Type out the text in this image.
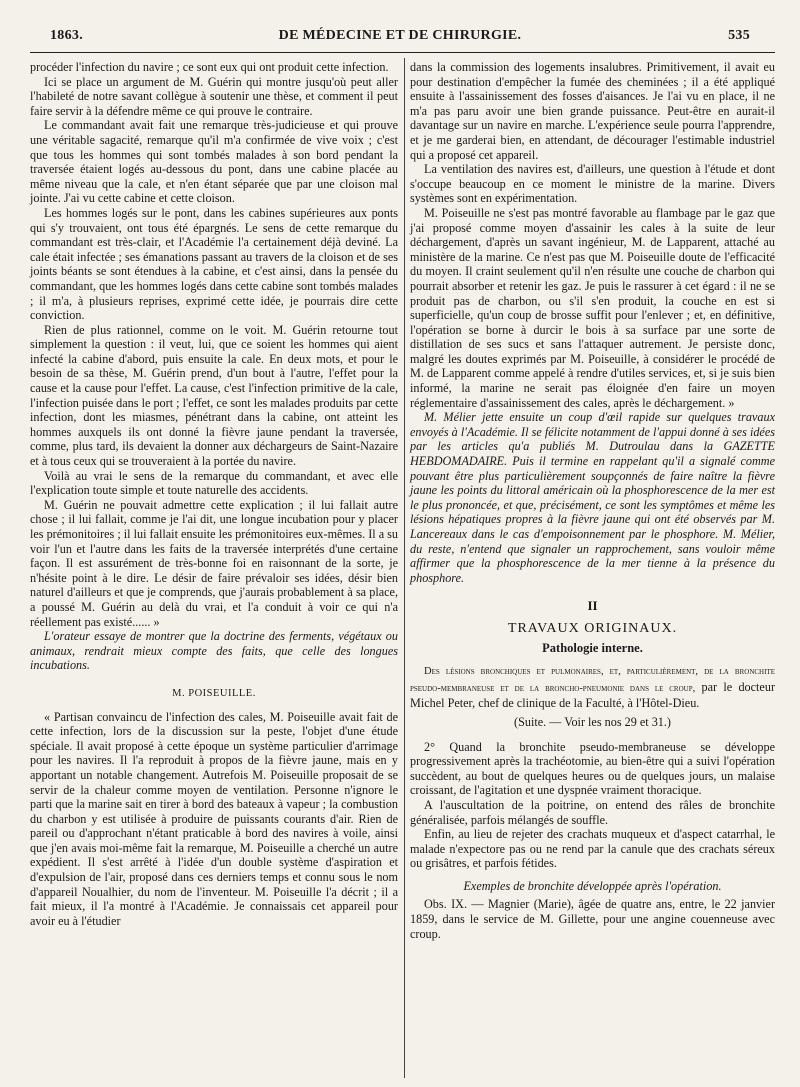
1863.	DE MÉDECINE ET DE CHIRURGIE.	535

procéder l'infection du navire ; ce sont eux qui ont produit cette infection.

Ici se place un argument de M. Guérin qui montre jusqu'où peut aller l'habileté de notre savant collègue à soutenir une thèse, et comment il peut faire servir à la défendre même ce qui prouve le contraire.

Le commandant avait fait une remarque très-judicieuse et qui prouve une véritable sagacité, remarque qu'il m'a confirmée de vive voix ; c'est que tous les hommes qui sont tombés malades à son bord pendant la traversée étaient logés au-dessous du pont, dans une cabine placée au même niveau que la cale, et n'en étant séparée que par une cloison mal jointe. J'ai vu cette cabine et cette cloison.

Les hommes logés sur le pont, dans les cabines supérieures aux ponts qui s'y trouvaient, ont tous été épargnés. Le sens de cette remarque du commandant est très-clair, et l'Académie l'a certainement déjà deviné. La cale était infectée ; ses émanations passant au travers de la cloison et de ses joints béants se sont étendues à la cabine, et c'est ainsi, dans la pensée du commandant, que les hommes logés dans cette cabine sont tombés malades ; il m'a, à plusieurs reprises, exprimé cette idée, je pourrais dire cette conviction.

Rien de plus rationnel, comme on le voit. M. Guérin retourne tout simplement la question : il veut, lui, que ce soient les hommes qui aient infecté la cabine d'abord, puis ensuite la cale. En deux mots, et pour le besoin de sa thèse, M. Guérin prend, d'un bout à l'autre, l'effet pour la cause et la cause pour l'effet. La cause, c'est l'infection primitive de la cale, l'infection puisée dans le port ; l'effet, ce sont les malades produits par cette infection, dont les miasmes, pénétrant dans la cabine, ont atteint les hommes auxquels ils ont donné la fièvre jaune pendant la traversée, comme, plus tard, ils devaient la donner aux déchargeurs de Saint-Nazaire et à tous ceux qui se trouveraient à la portée du navire.

Voilà au vrai le sens de la remarque du commandant, et avec elle l'explication toute simple et toute naturelle des accidents.

M. Guérin ne pouvait admettre cette explication ; il lui fallait autre chose ; il lui fallait, comme je l'ai dit, une longue incubation pour y placer les prémonitoires ; il lui fallait ensuite les prémonitoires eux-mêmes. Il a su voir l'un et l'autre dans les faits de la traversée interprétés d'une certaine façon. Il est assurément de très-bonne foi en raisonnant de la sorte, je n'hésite point à le dire. Le désir de faire prévaloir ses idées, désir bien naturel d'ailleurs et que je comprends, que j'aurais probablement à sa place, a poussé M. Guérin au delà du vrai, et l'a conduit à voir ce qui n'a réellement pas existé...... »

L'orateur essaye de montrer que la doctrine des ferments, végétaux ou animaux, rendrait mieux compte des faits, que celle des longues incubations.

M. POISEUILLE.

« Partisan convaincu de l'infection des cales, M. Poiseuille avait fait de cette infection, lors de la discussion sur la peste, l'objet d'une étude spéciale. Il avait proposé à cette époque un système particulier d'arrimage pour les navires. Il l'a reproduit à propos de la fièvre jaune, mais en y apportant un notable changement. Autrefois M. Poiseuille proposait de se servir de la chaleur comme moyen de ventilation. Personne n'ignore le parti que la marine sait en tirer à bord des bateaux à vapeur ; la combustion du charbon y est utilisée à produire de puissants courants d'air. Rien de pareil ou d'approchant n'étant praticable à bord des navires à voile, ainsi que j'en avais moi-même fait la remarque, M. Poiseuille a cherché un autre expédient. Il s'est arrêté à l'idée d'un double système d'aspiration et d'expulsion de l'air, proposé dans ces derniers temps et connu sous le nom d'appareil Noualhier, du nom de l'inventeur. M. Poiseuille l'a décrit ; il a fait mieux, il l'a montré à l'Académie. Je connaissais cet appareil pour avoir eu à l'étudier

dans la commission des logements insalubres. Primitivement, il avait eu pour destination d'empêcher la fumée des cheminées ; il a été appliqué ensuite à l'assainissement des fosses d'aisances. Je l'ai vu en place, il ne m'a pas paru avoir une bien grande puissance. Peut-être en aurait-il davantage sur un navire en marche. L'expérience seule pourra l'apprendre, et je me garderai bien, en attendant, de décourager l'estimable industriel qui a proposé cet appareil.

La ventilation des navires est, d'ailleurs, une question à l'étude et dont s'occupe beaucoup en ce moment le ministre de la marine. Divers systèmes sont en expérimentation.

M. Poiseuille ne s'est pas montré favorable au flambage par le gaz que j'ai proposé comme moyen d'assainir les cales à la suite de leur déchargement, d'après un savant ingénieur, M. de Lapparent, attaché au ministère de la marine. Ce n'est pas que M. Poiseuille doute de l'efficacité du moyen. Il craint seulement qu'il n'en résulte une couche de charbon qui pourrait absorber et retenir les gaz. Je puis le rassurer à cet égard : il ne se produit pas de charbon, ou s'il s'en produit, la couche en est si superficielle, qu'un coup de brosse suffit pour l'enlever ; et, en définitive, l'opération se borne à durcir le bois à sa surface par une sorte de distillation de ses sucs et sans l'attaquer autrement. Je persiste donc, malgré les doutes exprimés par M. Poiseuille, à considérer le procédé de M. de Lapparent comme appelé à rendre d'utiles services, et, si je suis bien informé, la marine ne serait pas éloignée d'en faire un moyen réglementaire d'assainissement des cales, après le déchargement. »

M. Mélier jette ensuite un coup d'œil rapide sur quelques travaux envoyés à l'Académie. Il se félicite notamment de l'appui donné à ses idées par les articles qu'a publiés M. Dutroulau dans la GAZETTE HEBDOMADAIRE. Puis il termine en rappelant qu'il a signalé comme pouvant être plus particulièrement soupçonnés de faire naître la fièvre jaune les points du littoral américain où la phosphorescence de la mer est le plus prononcée, et que, précisément, ce sont les symptômes et même les lésions hépatiques propres à la fièvre jaune qui ont été observés par M. Lancereaux dans le cas d'empoisonnement par le phosphore. M. Mélier, du reste, n'entend que signaler un rapprochement, sans vouloir même affirmer que la phosphorescence de la mer tienne à la présence du phosphore.

II
TRAVAUX ORIGINAUX.
Pathologie interne.

Des lésions bronchiques et pulmonaires, et, particulièrement, de la bronchite pseudo-membraneuse et de la broncho-pneumonie dans le croup, par le docteur Michel Peter, chef de clinique de la Faculté, à l'Hôtel-Dieu.

(Suite. — Voir les nos 29 et 31.)

2° Quand la bronchite pseudo-membraneuse se développe progressivement après la trachéotomie, au bien-être qui a suivi l'opération succèdent, au bout de quelques heures ou de quelques jours, un malaise croissant, de l'agitation et une dyspnée vraiment thoracique.

A l'auscultation de la poitrine, on entend des râles de bronchite généralisée, parfois mélangés de souffle.

Enfin, au lieu de rejeter des crachats muqueux et d'aspect catarrhal, le malade n'expectore pas ou ne rend par la canule que des crachats séreux ou grisâtres, et parfois fétides.

Exemples de bronchite développée après l'opération.

Obs. IX. — Magnier (Marie), âgée de quatre ans, entre, le 22 janvier 1859, dans le service de M. Gillette, pour une angine couenneuse avec croup.
